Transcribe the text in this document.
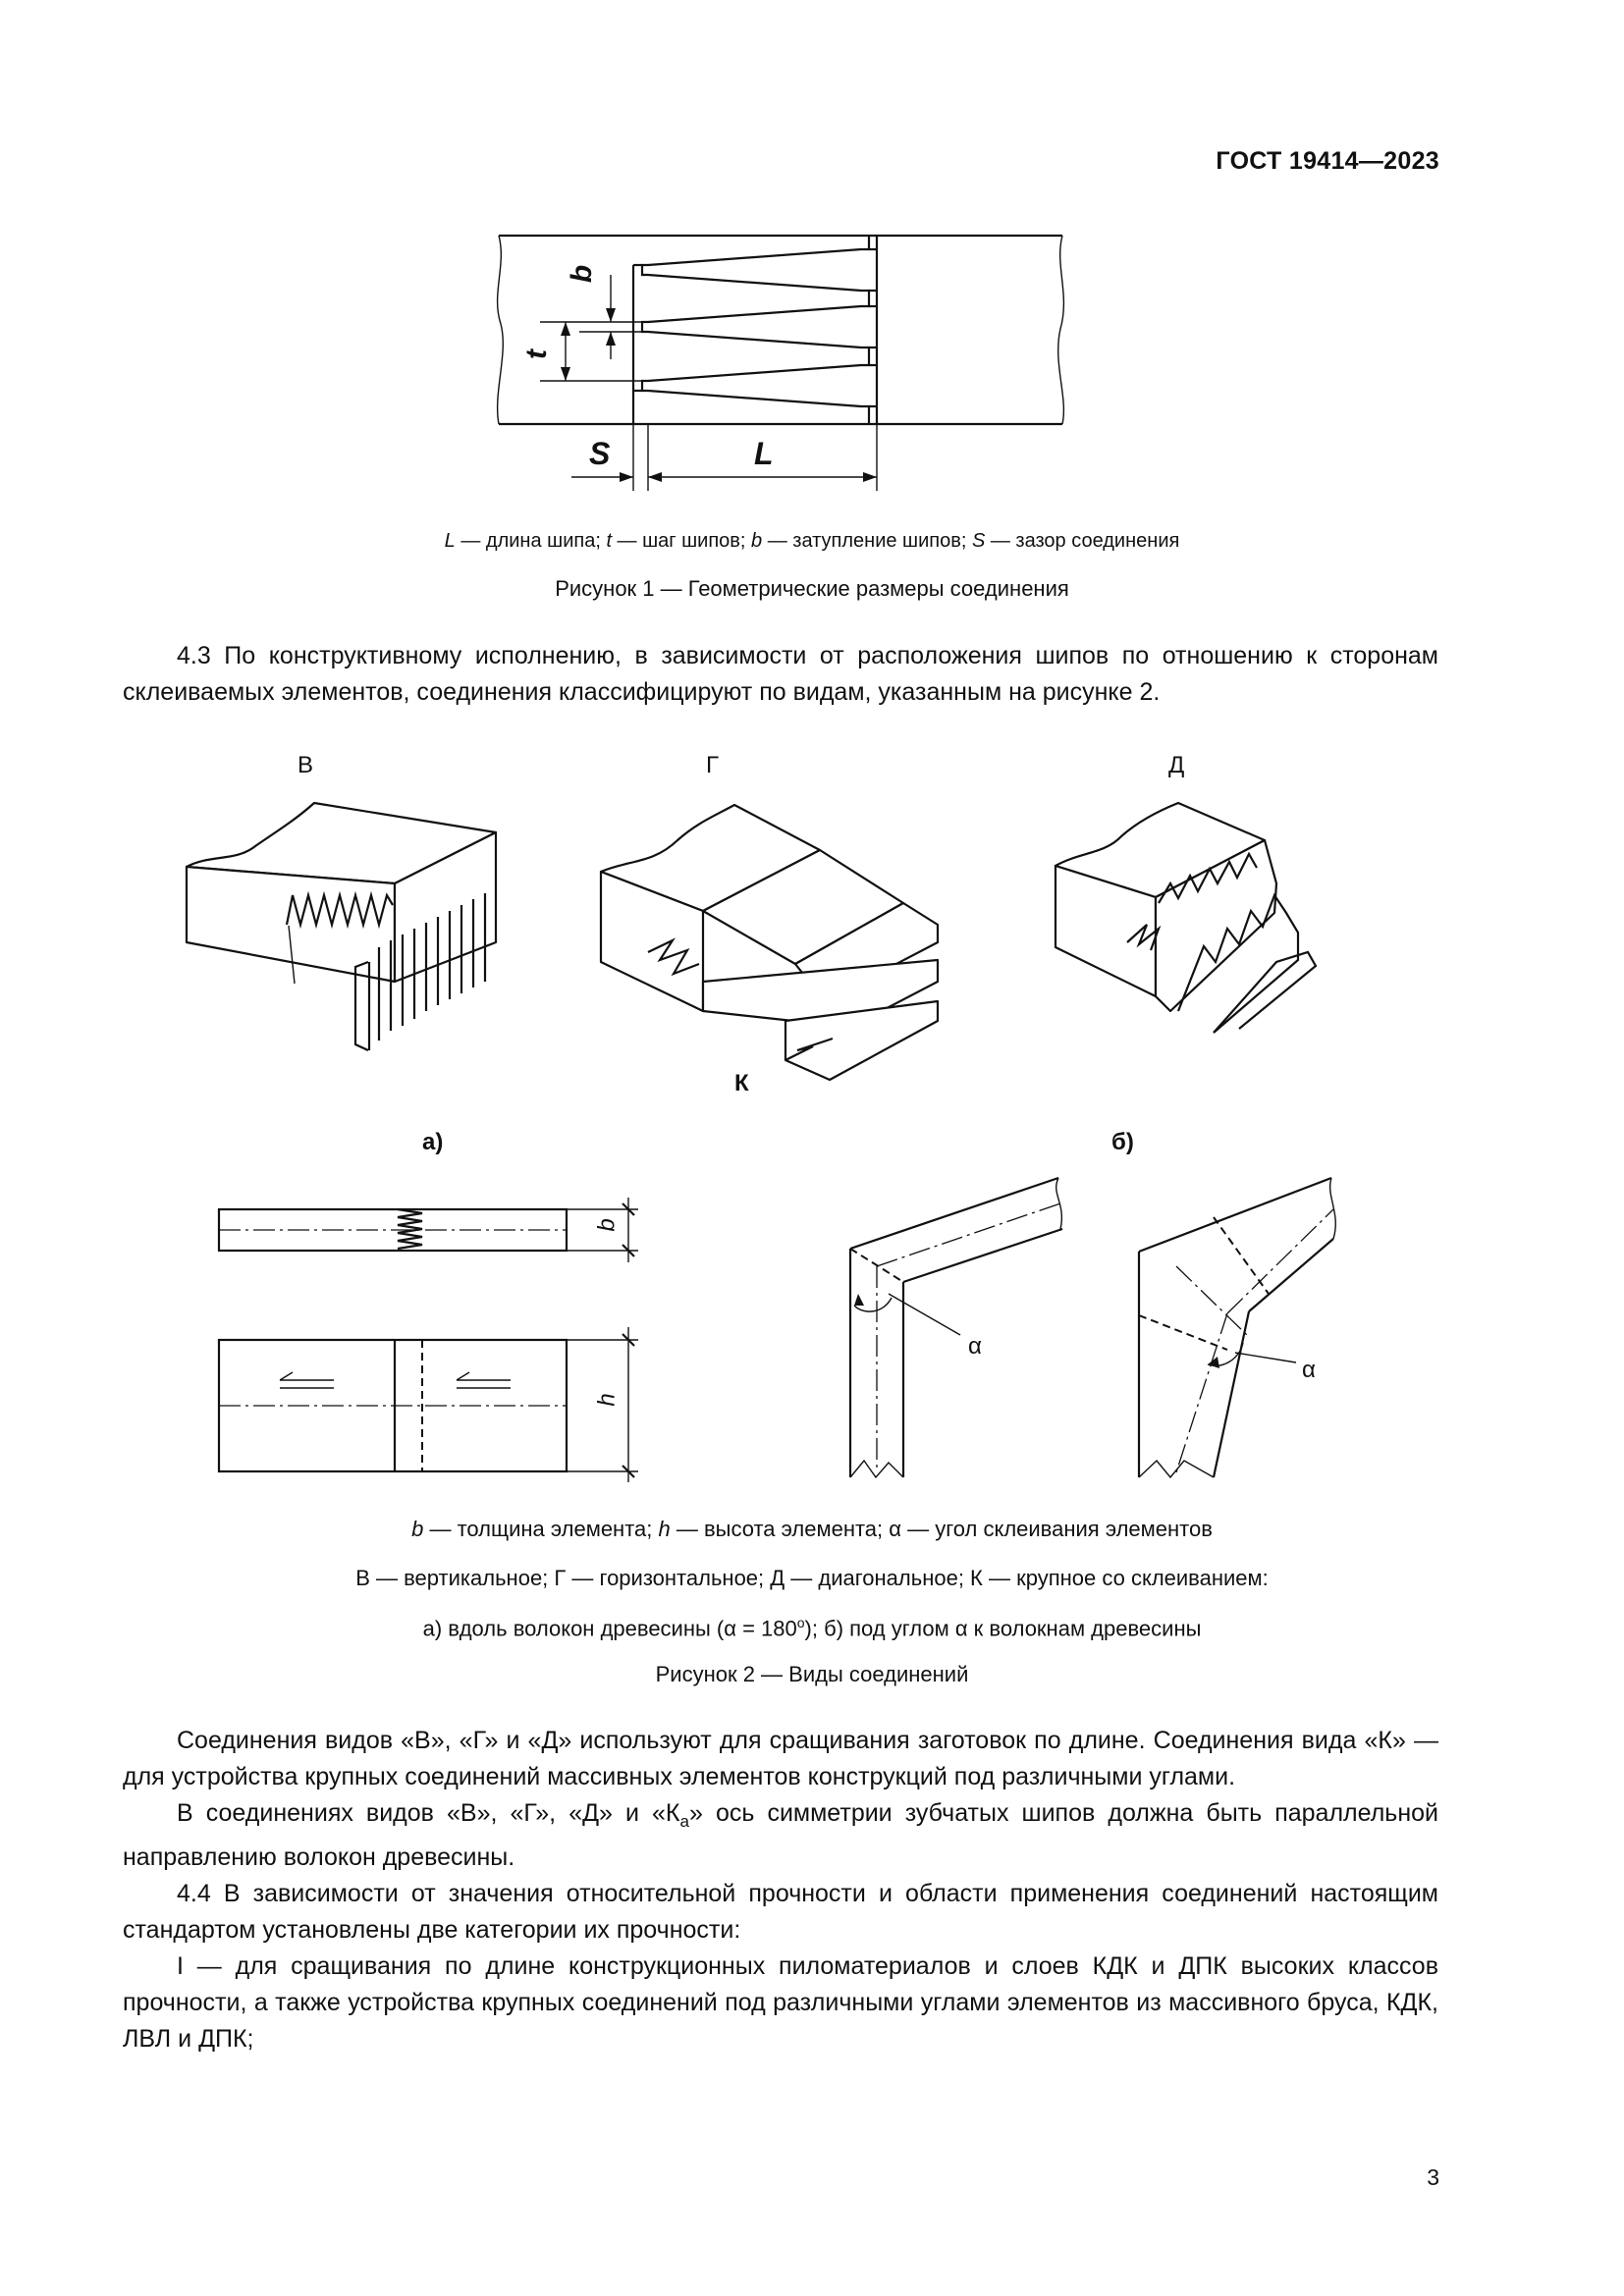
ГОСТ 19414—2023
b
t
S	L
L — длина шипа; t — шаг шипов; b — затупление шипов; S — зазор соединения
Рисунок 1 — Геометрические размеры соединения

4.3 По конструктивному исполнению, в зависимости от расположения шипов по отношению к сторонам склеиваемых элементов, соединения классифицируют по видам, указанным на рисунке 2.

В	Г	Д
К
а)	б)
b
h
α
α
b — толщина элемента; h — высота элемента; α — угол склеивания элементов
В — вертикальное; Г — горизонтальное; Д — диагональное; К — крупное со склеиванием:
а) вдоль волокон древесины $(\alpha = 180^o)$; б) под углом α к волокнам древесины
Рисунок 2 — Виды соединений

Соединения видов «В», «Г» и «Д» используют для сращивания заготовок по длине. Соединения вида «К» — для устройства крупных соединений массивных элементов конструкций под различными углами.

В соединениях видов «В», «Г», «Д» и «$К_а$» ось симметрии зубчатых шипов должна быть параллельной направлению волокон древесины.

4.4 В зависимости от значения относительной прочности и области применения соединений настоящим стандартом установлены две категории их прочности:

I — для сращивания по длине конструкционных пиломатериалов и слоев КДК и ДПК высоких классов прочности, а также устройства крупных соединений под различными углами элементов из массивного бруса, КДК, ЛВЛ и ДПК;

3
